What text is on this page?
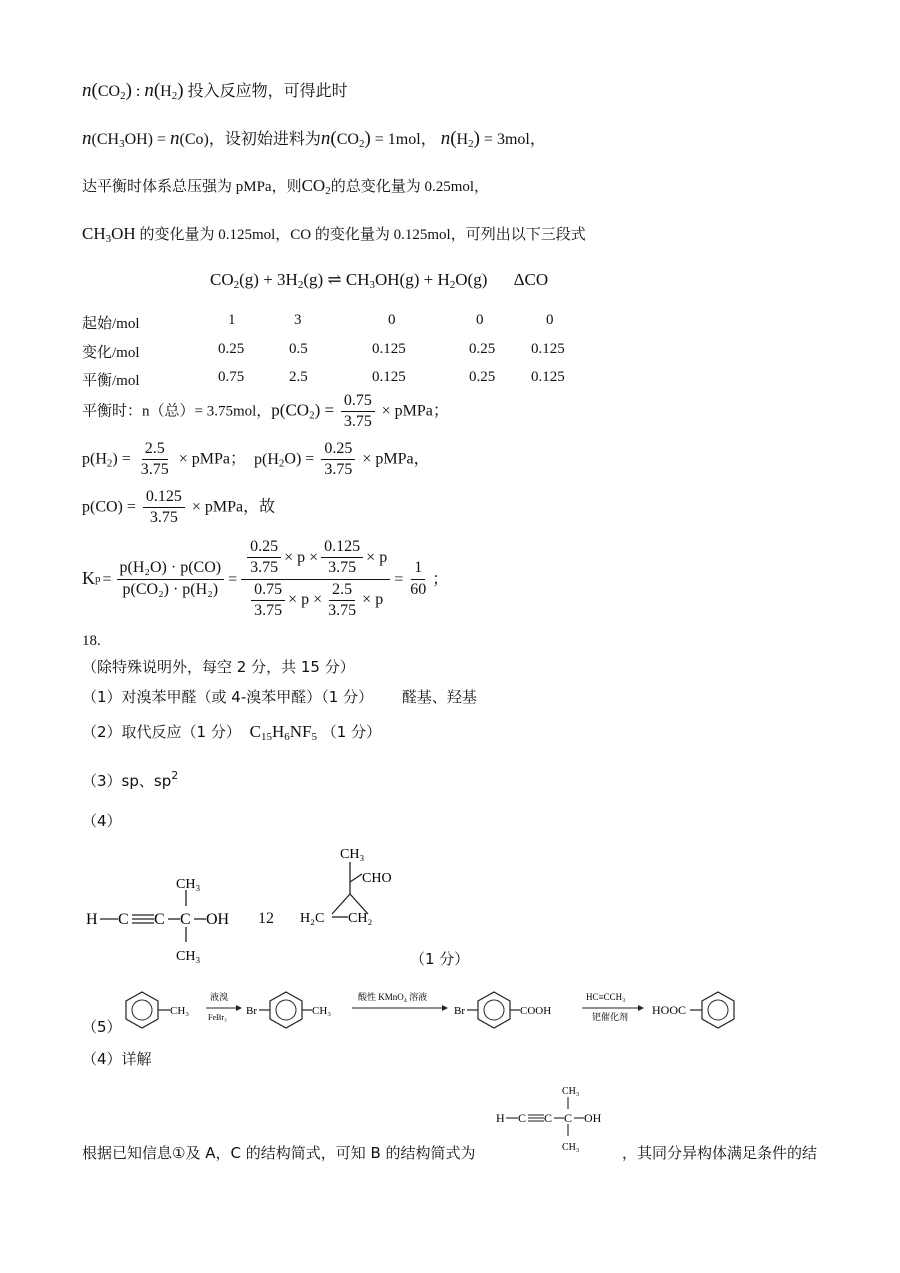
$n(CO_2)$ : $n(H_2)$ 投入反应物，可得此时
$n(CH_3OH) = n(Co)$，设初始进料为$n(CO_2) = 1mol$， $n(H_2) = 3mol$，
达平衡时体系总压强为 pMPa，则$CO_2$的总变化量为 0.25mol，
$CH_3OH$ 的变化量为 0.125mol，CO 的变化量为 0.125mol，可列出以下三段式
$CO_2(g) + 3H_2(g)$ ⇌ $CH_3OH(g) + H_2O(g)$ ΔCO
起始/mol	1	3	0	0	0
变化/mol	0.25	0.5	0.125	0.25 0.125
平衡/mol	0.75	2.5	0.125	0.25 0.125
平衡时：n（总）= 3.75mol，$p(CO_2) = \frac{0.75}{3.75}$ × pMPa；
$p(H_2) = \frac{2.5}{3.75}$ × pMPa； $p(H_2O) = \frac{0.25}{3.75}$ × pMPa，
$p(CO) = \frac{0.125}{3.75}$ × pMPa，故
K $p = \frac{\text{p(H₂O) · p(CO)}}{\text{p(CO₂) · p(H₂)}} = \frac{\frac{0.25}{3.75} \times p \times \frac{0.125}{3.75} \times p}{\frac{0.75}{3.75} \times p \times \frac{2.5}{3.75} \times p} = \frac{1}{60}$ ；
18.
（除特殊说明外，每空 2 分，共 15 分）
（1）对溴苯甲醛（或 4-溴苯甲醛）（1 分） 醛基、羟基
（2）取代反应（1 分） $C_{15}H_6NF_5$ （1 分）
（3）sp、$sp^2$
（4）
H C C C
CH₃
CH₃
OH 12
CH₃
CHO
H₂C CH₂
（1 分）
（5）
CH₃
液溴
FeBr₃
Br	CH₃
酸性 KMnO₄ 溶液
Br	COOH
HC≡CCH₃
钯催化剂 HOOC
（4）详解
H C C C
CH₃
CH₃
OH
根据已知信息①及 A，C 的结构简式，可知 B 的结构简式为	，其同分异构体满足条件的结
